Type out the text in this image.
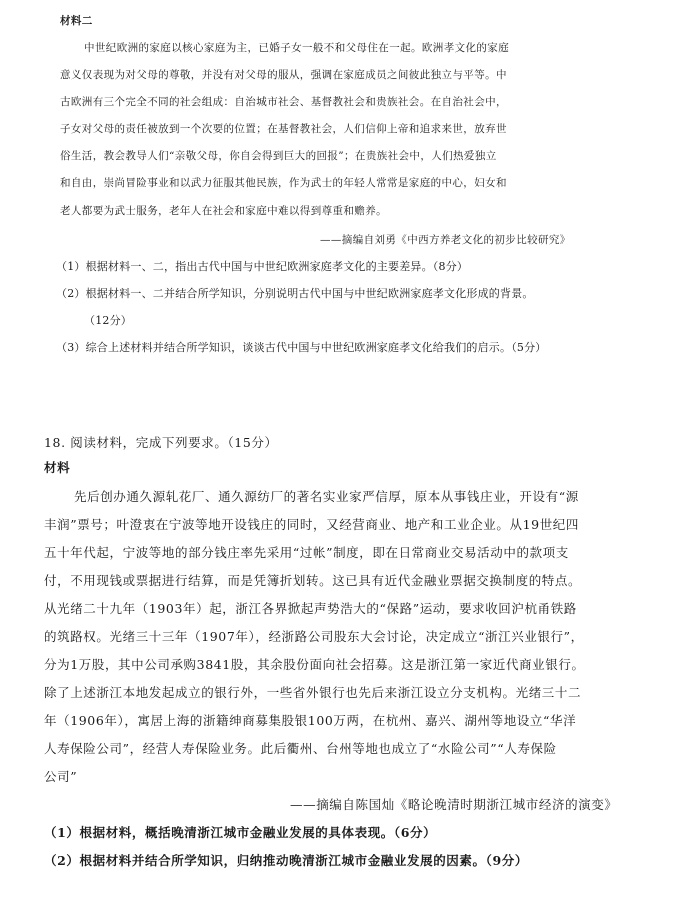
材料二
中世纪欧洲的家庭以核心家庭为主，已婚子女一般不和父母住在一起。欧洲孝文化的家庭
意义仅表现为对父母的尊敬，并没有对父母的服从，强调在家庭成员之间彼此独立与平等。中
古欧洲有三个完全不同的社会组成：自治城市社会、基督教社会和贵族社会。在自治社会中，
子女对父母的责任被放到一个次要的位置；在基督教社会，人们信仰上帝和追求来世，放弃世
俗生活，教会教导人们“亲敬父母，你自会得到巨大的回报”；在贵族社会中，人们热爱独立
和自由，崇尚冒险事业和以武力征服其他民族，作为武士的年轻人常常是家庭的中心，妇女和
老人都要为武士服务，老年人在社会和家庭中难以得到尊重和赡养。
——摘编自刘勇《中西方养老文化的初步比较研究》
（1）根据材料一、二，指出古代中国与中世纪欧洲家庭孝文化的主要差异。（8分）
（2）根据材料一、二并结合所学知识，分别说明古代中国与中世纪欧洲家庭孝文化形成的背景。
（12分）
（3）综合上述材料并结合所学知识，谈谈古代中国与中世纪欧洲家庭孝文化给我们的启示。（5分）
18. 阅读材料，完成下列要求。（15分）
材料
先后创办通久源轧花厂、通久源纺厂的著名实业家严信厚，原本从事钱庄业，开设有“源
丰润”票号；叶澄衷在宁波等地开设钱庄的同时，又经营商业、地产和工业企业。从19世纪四
五十年代起，宁波等地的部分钱庄率先采用“过帐”制度，即在日常商业交易活动中的款项支
付，不用现钱或票据进行结算，而是凭簿折划转。这已具有近代金融业票据交换制度的特点。
从光绪二十九年（1903年）起，浙江各界掀起声势浩大的“保路”运动，要求收回沪杭甬铁路
的筑路权。光绪三十三年（1907年），经浙路公司股东大会讨论，决定成立“浙江兴业银行”，
分为1万股，其中公司承购3841股，其余股份面向社会招募。这是浙江第一家近代商业银行。
除了上述浙江本地发起成立的银行外，一些省外银行也先后来浙江设立分支机构。光绪三十二
年（1906年），寓居上海的浙籍绅商募集股银100万两，在杭州、嘉兴、湖州等地设立“华洋
人寿保险公司”，经营人寿保险业务。此后衢州、台州等地也成立了“水险公司”“人寿保险
公司”
——摘编自陈国灿《略论晚清时期浙江城市经济的演变》
（1）根据材料，概括晚清浙江城市金融业发展的具体表现。（6分）
（2）根据材料并结合所学知识，归纳推动晚清浙江城市金融业发展的因素。（9分）
